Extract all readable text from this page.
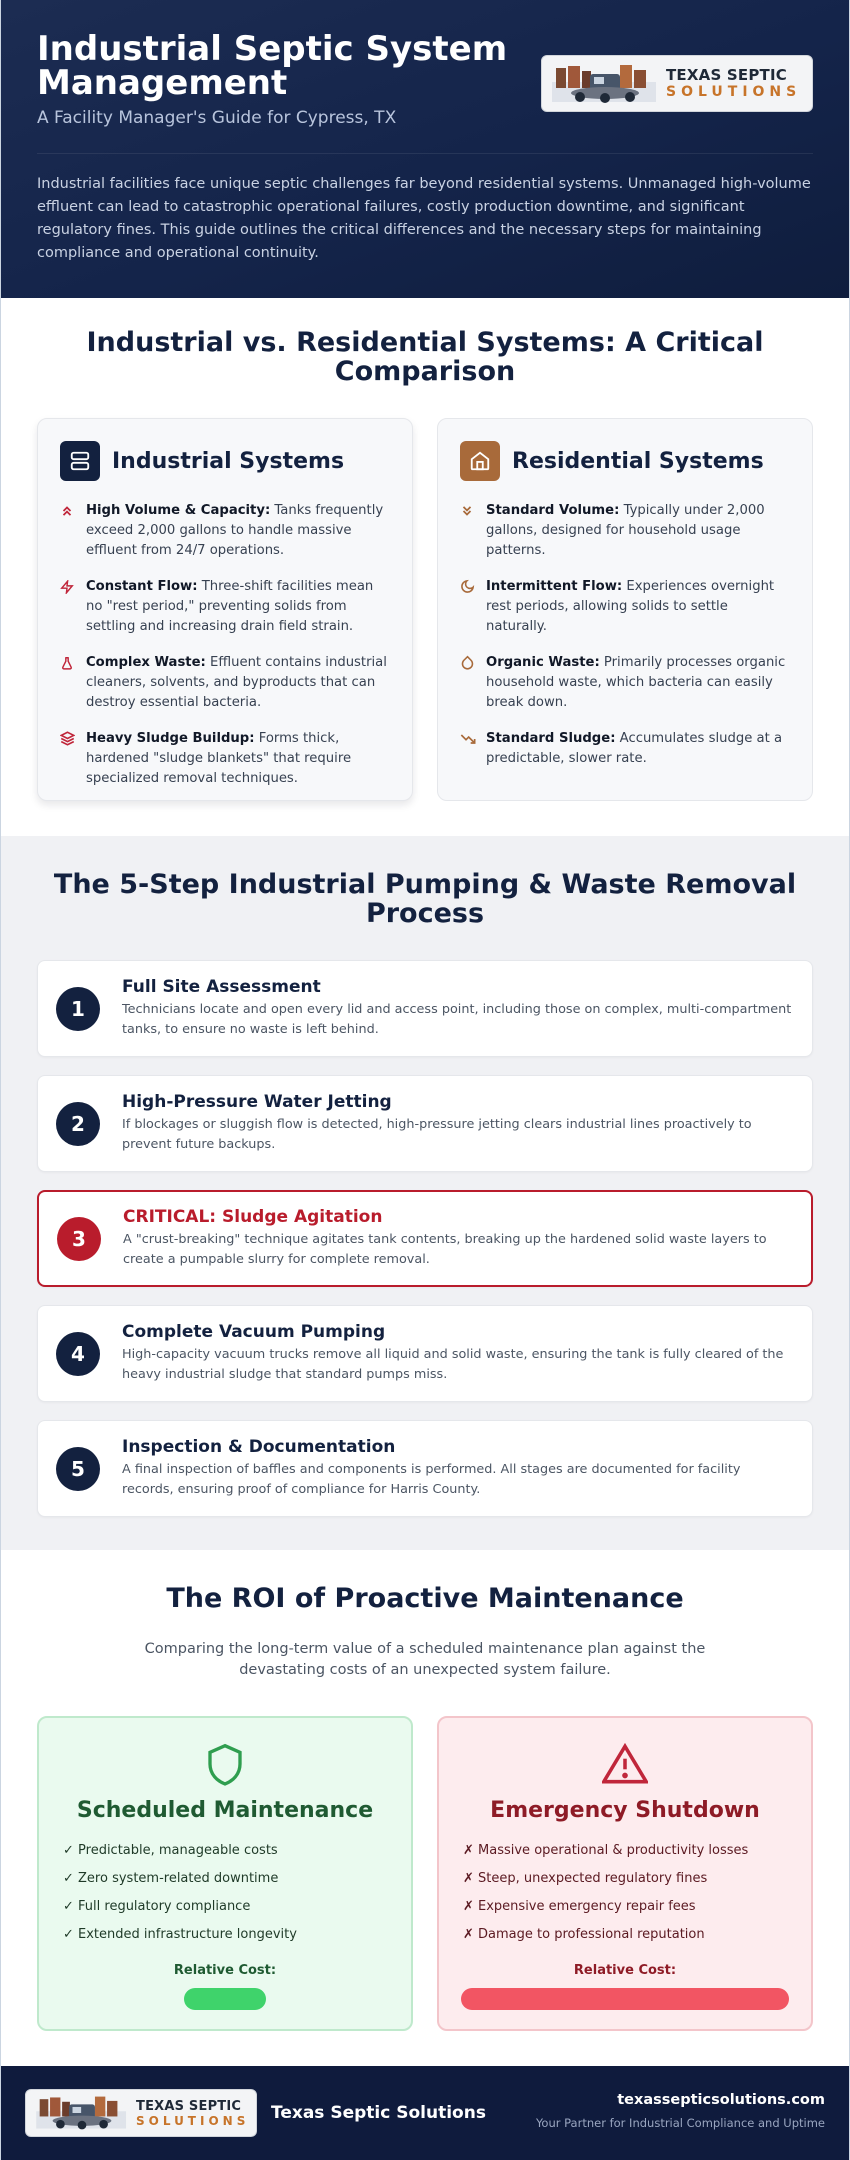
Industrial Septic System Management
A Facility Manager's Guide for Cypress, TX
TEXAS SEPTIC
SOLUTIONS

Industrial facilities face unique septic challenges far beyond residential systems. Unmanaged high-volume effluent can lead to catastrophic operational failures, costly production downtime, and significant regulatory fines. This guide outlines the critical differences and the necessary steps for maintaining compliance and operational continuity.

Industrial vs. Residential Systems: A Critical Comparison
Industrial Systems

High Volume & Capacity: Tanks frequently exceed 2,000 gallons to handle massive effluent from 24/7 operations.

Constant Flow: Three-shift facilities mean no "rest period," preventing solids from settling and increasing drain field strain.

Complex Waste: Effluent contains industrial cleaners, solvents, and byproducts that can destroy essential bacteria.

Heavy Sludge Buildup: Forms thick, hardened "sludge blankets" that require specialized removal techniques.

Residential Systems

Standard Volume: Typically under 2,000 gallons, designed for household usage patterns.

Intermittent Flow: Experiences overnight rest periods, allowing solids to settle naturally.

Organic Waste: Primarily processes organic household waste, which bacteria can easily break down.

Standard Sludge: Accumulates sludge at a predictable, slower rate.

The 5-Step Industrial Pumping & Waste Removal Process
1
Full Site Assessment

Technicians locate and open every lid and access point, including those on complex, multi-compartment tanks, to ensure no waste is left behind.

2
High-Pressure Water Jetting

If blockages or sluggish flow is detected, high-pressure jetting clears industrial lines proactively to prevent future backups.

3
CRITICAL: Sludge Agitation

A "crust-breaking" technique agitates tank contents, breaking up the hardened solid waste layers to create a pumpable slurry for complete removal.

4
Complete Vacuum Pumping

High-capacity vacuum trucks remove all liquid and solid waste, ensuring the tank is fully cleared of the heavy industrial sludge that standard pumps miss.

5
Inspection & Documentation

A final inspection of baffles and components is performed. All stages are documented for facility records, ensuring proof of compliance for Harris County.

The ROI of Proactive Maintenance

Comparing the long-term value of a scheduled maintenance plan against the devastating costs of an unexpected system failure.

Scheduled Maintenance
✓ Predictable, manageable costs
✓ Zero system-related downtime
✓ Full regulatory compliance
✓ Extended infrastructure longevity
Relative Cost:
Emergency Shutdown
✗ Massive operational & productivity losses
✗ Steep, unexpected regulatory fines
✗ Expensive emergency repair fees
✗ Damage to professional reputation
Relative Cost:
TEXAS SEPTIC
SOLUTIONS Texas Septic Solutions
texassepticsolutions.com
Your Partner for Industrial Compliance and Uptime
